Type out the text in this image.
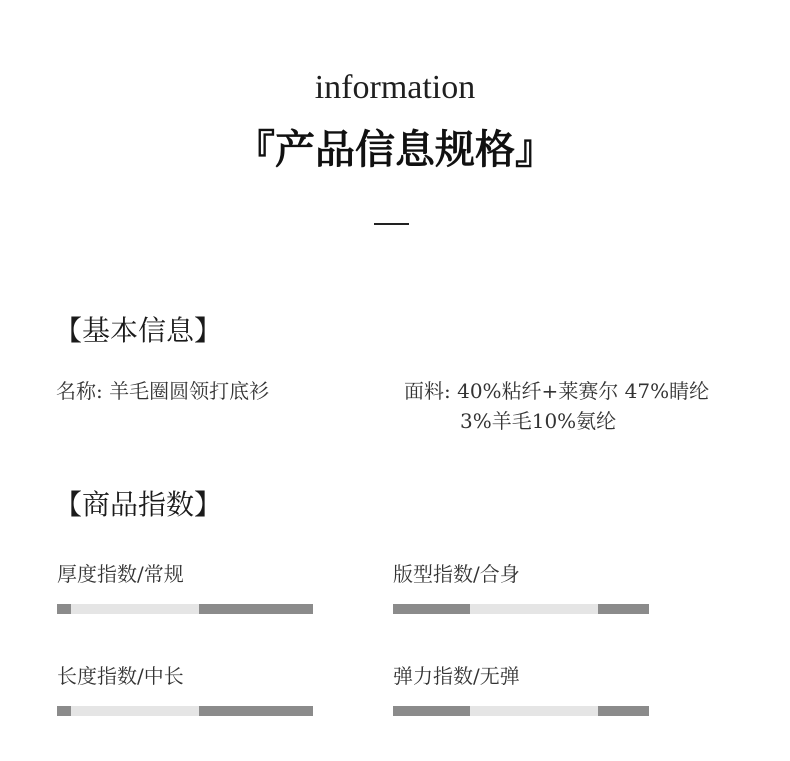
information
『产品信息规格』
【基本信息】
名称: 羊毛圈圆领打底衫	面料: 40%粘纤+莱赛尔 47%睛纶
3%羊毛10%氨纶
【商品指数】
厚度指数/常规	版型指数/合身
长度指数/中长	弹力指数/无弹
